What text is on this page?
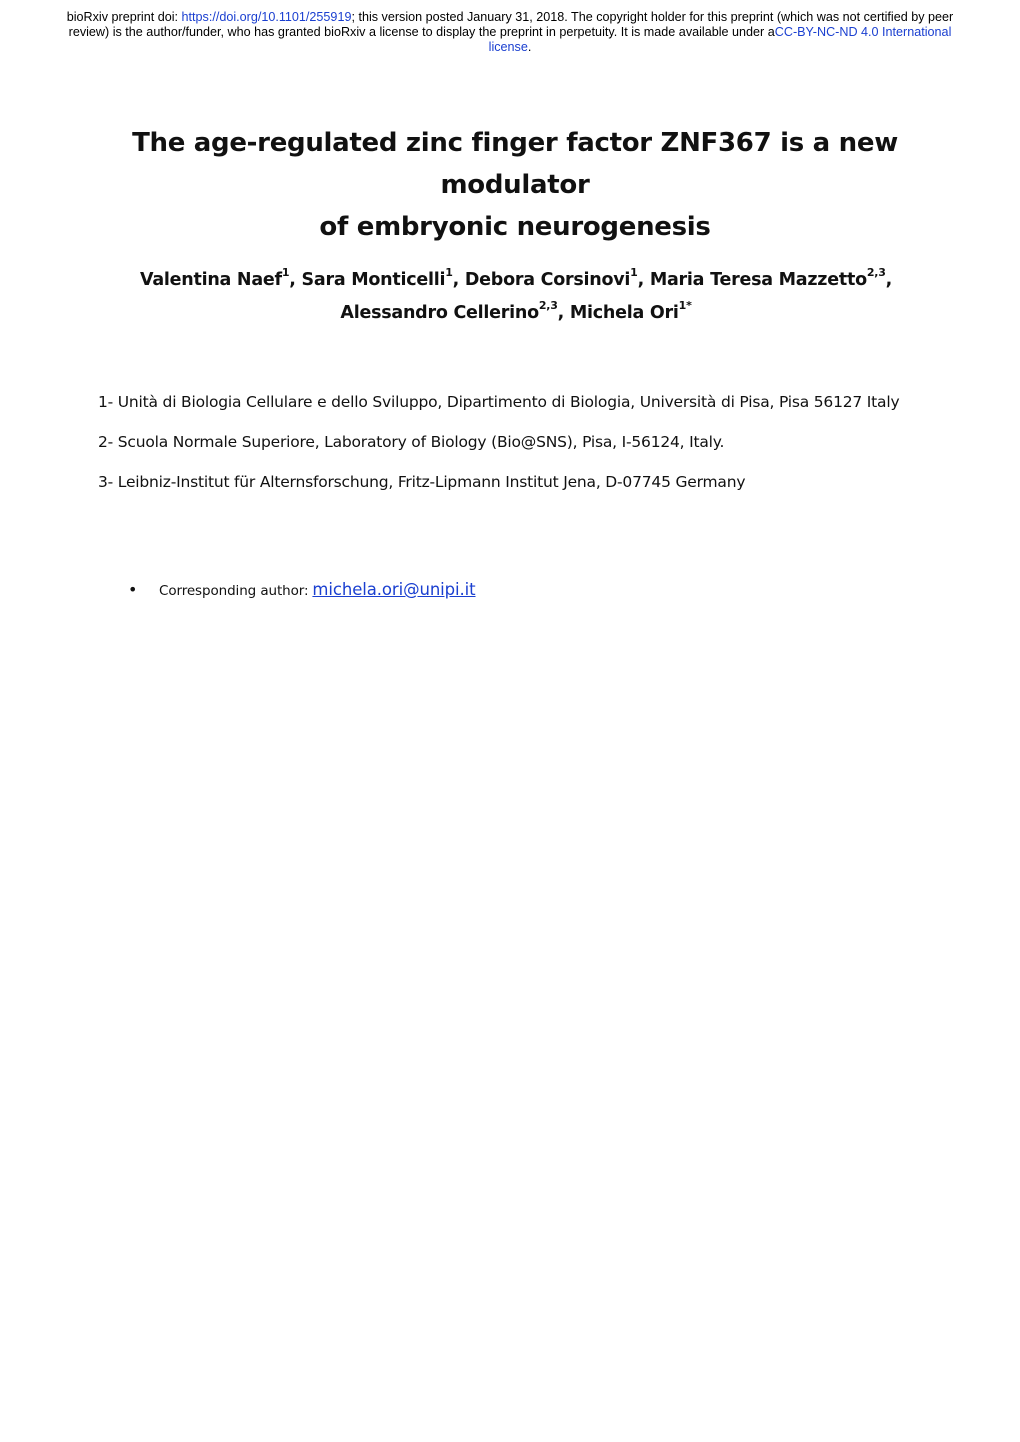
bioRxiv preprint doi: https://doi.org/10.1101/255919; this version posted January 31, 2018. The copyright holder for this preprint (which was not certified by peer review) is the author/funder, who has granted bioRxiv a license to display the preprint in perpetuity. It is made available under aCC-BY-NC-ND 4.0 International license.
The age-regulated zinc finger factor ZNF367 is a new modulator
of embryonic neurogenesis
Valentina Naef$^1$, Sara Monticelli$^1$, Debora Corsinovi$^1$, Maria Teresa Mazzetto$^{2,3}$,
Alessandro Cellerino$^{2,3}$, Michela Ori$^{1*}$

1- Unità di Biologia Cellulare e dello Sviluppo, Dipartimento di Biologia, Università di Pisa, Pisa 56127 Italy

2- Scuola Normale Superiore, Laboratory of Biology (Bio@SNS), Pisa, I-56124, Italy.

3- Leibniz-Institut für Alternsforschung, Fritz-Lipmann Institut Jena, D-07745 Germany

•	Corresponding author: michela.ori@unipi.it
